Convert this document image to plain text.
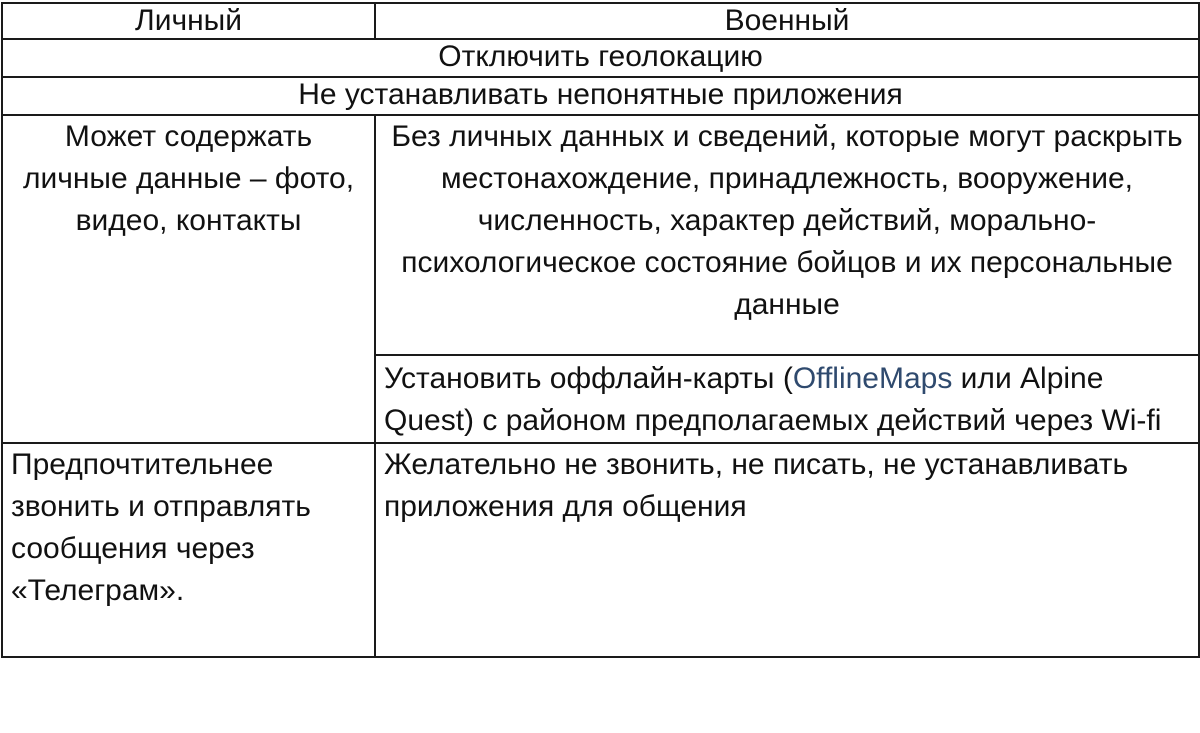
Личный	Военный
Отключить геолокацию	
Не устанавливать непонятные приложения	
Может содержать личные данные – фото, видео, контакты	Без личных данных и сведений, которые могут раскрыть местонахождение, принадлежность, вооружение, численность, характер действий, морально-психологическое состояние бойцов и их персональные данные
	Установить оффлайн-карты (OfflineMaps или Alpine Quest) с районом предполагаемых действий через Wi-fi
Предпочтительнее звонить и отправлять сообщения через «Телеграм».	Желательно не звонить, не писать, не устанавливать приложения для общения
